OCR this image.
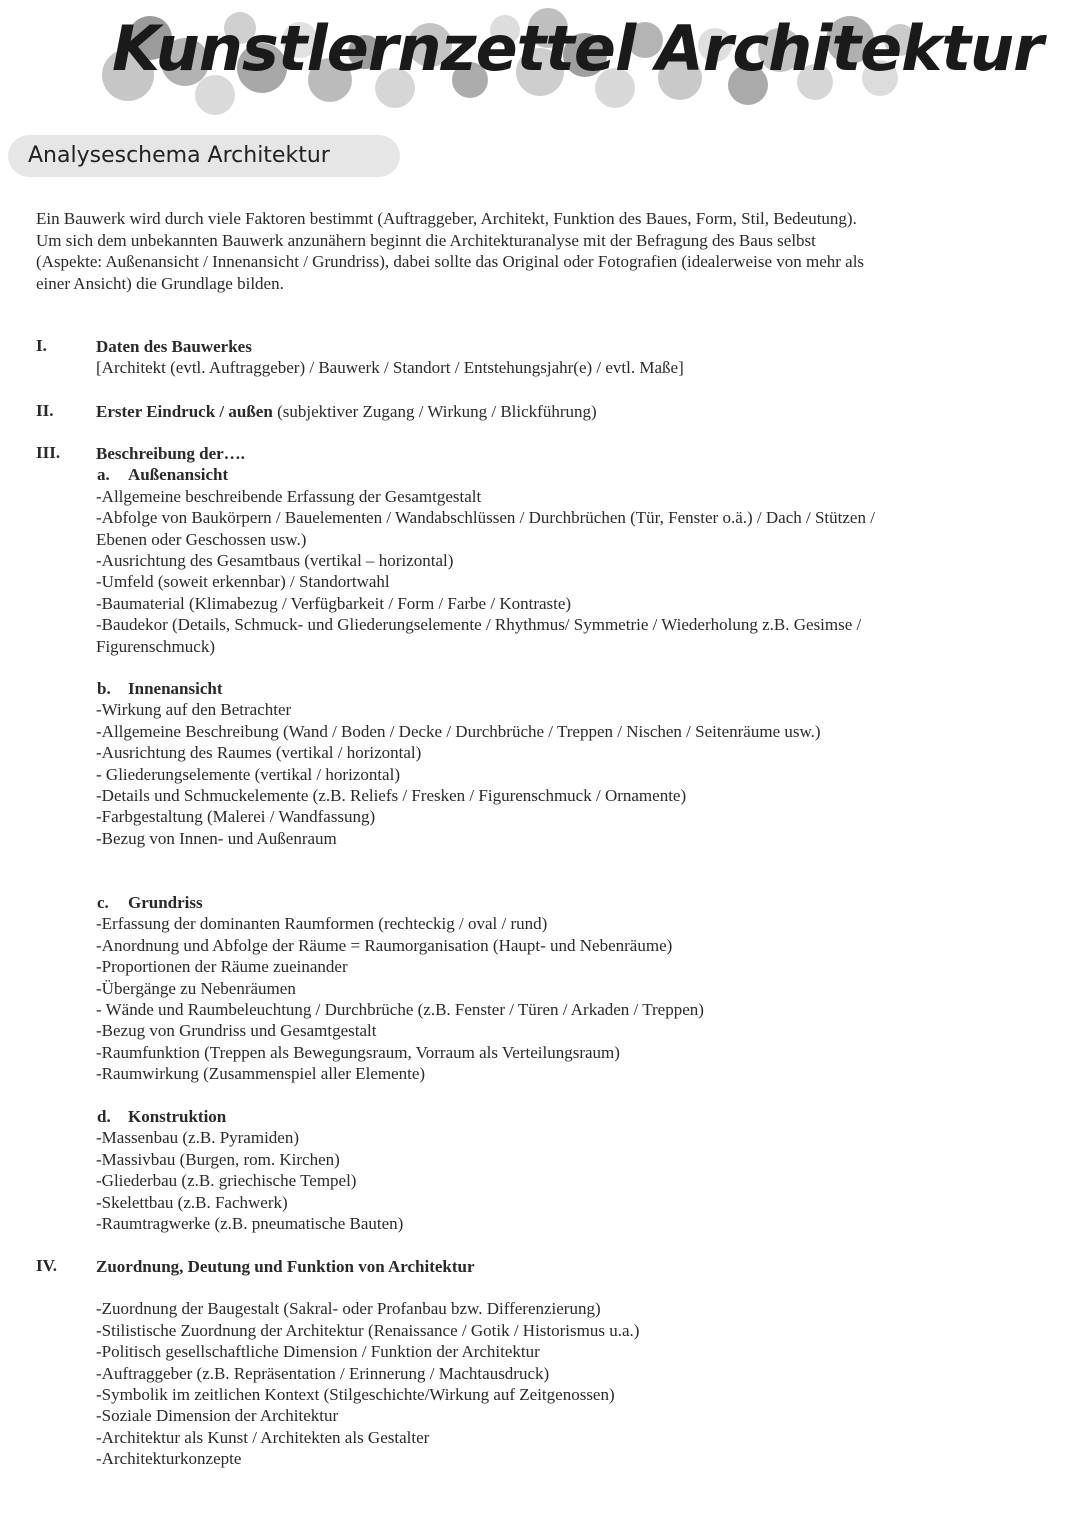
Kunstlernzettel Architektur
Analyseschema Architektur

Ein Bauwerk wird durch viele Faktoren bestimmt (Auftraggeber, Architekt, Funktion des Baues, Form, Stil, Bedeutung).

Um sich dem unbekannten Bauwerk anzunähern beginnt die Architekturanalyse mit der Befragung des Baus selbst (Aspekte: Außenansicht / Innenansicht / Grundriss), dabei sollte das Original oder Fotografien (idealerweise von mehr als einer Ansicht) die Grundlage bilden.

I.	Daten des Bauwerkes
[Architekt (evtl. Auftraggeber) / Bauwerk / Standort / Entstehungsjahr(e) / evtl. Maße]
II.	Erster Eindruck / außen (subjektiver Zugang / Wirkung / Blickführung)
III. Beschreibung der….
a. Außenansicht
-Allgemeine beschreibende Erfassung der Gesamtgestalt
-Abfolge von Baukörpern / Bauelementen / Wandabschlüssen / Durchbrüchen (Tür, Fenster o.ä.) / Dach / Stützen / Ebenen oder Geschossen usw.)
-Ausrichtung des Gesamtbaus (vertikal – horizontal)
-Umfeld (soweit erkennbar) / Standortwahl
-Baumaterial (Klimabezug / Verfügbarkeit / Form / Farbe / Kontraste)
-Baudekor (Details, Schmuck- und Gliederungselemente / Rhythmus/ Symmetrie / Wiederholung z.B. Gesimse / Figurenschmuck)
b. Innenansicht
-Wirkung auf den Betrachter
-Allgemeine Beschreibung (Wand / Boden / Decke / Durchbrüche / Treppen / Nischen / Seitenräume usw.)
-Ausrichtung des Raumes (vertikal / horizontal)
- Gliederungselemente (vertikal / horizontal)
-Details und Schmuckelemente (z.B. Reliefs / Fresken / Figurenschmuck / Ornamente)
-Farbgestaltung (Malerei / Wandfassung)
-Bezug von Innen- und Außenraum
c. Grundriss
-Erfassung der dominanten Raumformen (rechteckig / oval / rund)
-Anordnung und Abfolge der Räume = Raumorganisation (Haupt- und Nebenräume)
-Proportionen der Räume zueinander
-Übergänge zu Nebenräumen
- Wände und Raumbeleuchtung / Durchbrüche (z.B. Fenster / Türen / Arkaden / Treppen)
-Bezug von Grundriss und Gesamtgestalt
-Raumfunktion (Treppen als Bewegungsraum, Vorraum als Verteilungsraum)
-Raumwirkung (Zusammenspiel aller Elemente)
d. Konstruktion
-Massenbau (z.B. Pyramiden)
-Massivbau (Burgen, rom. Kirchen)
-Gliederbau (z.B. griechische Tempel)
-Skelettbau (z.B. Fachwerk)
-Raumtragwerke (z.B. pneumatische Bauten)
IV. Zuordnung, Deutung und Funktion von Architektur
-Zuordnung der Baugestalt (Sakral- oder Profanbau bzw. Differenzierung)
-Stilistische Zuordnung der Architektur (Renaissance / Gotik / Historismus u.a.)
-Politisch gesellschaftliche Dimension / Funktion der Architektur
-Auftraggeber (z.B. Repräsentation / Erinnerung / Machtausdruck)
-Symbolik im zeitlichen Kontext (Stilgeschichte/Wirkung auf Zeitgenossen)
-Soziale Dimension der Architektur
-Architektur als Kunst / Architekten als Gestalter
-Architekturkonzepte
